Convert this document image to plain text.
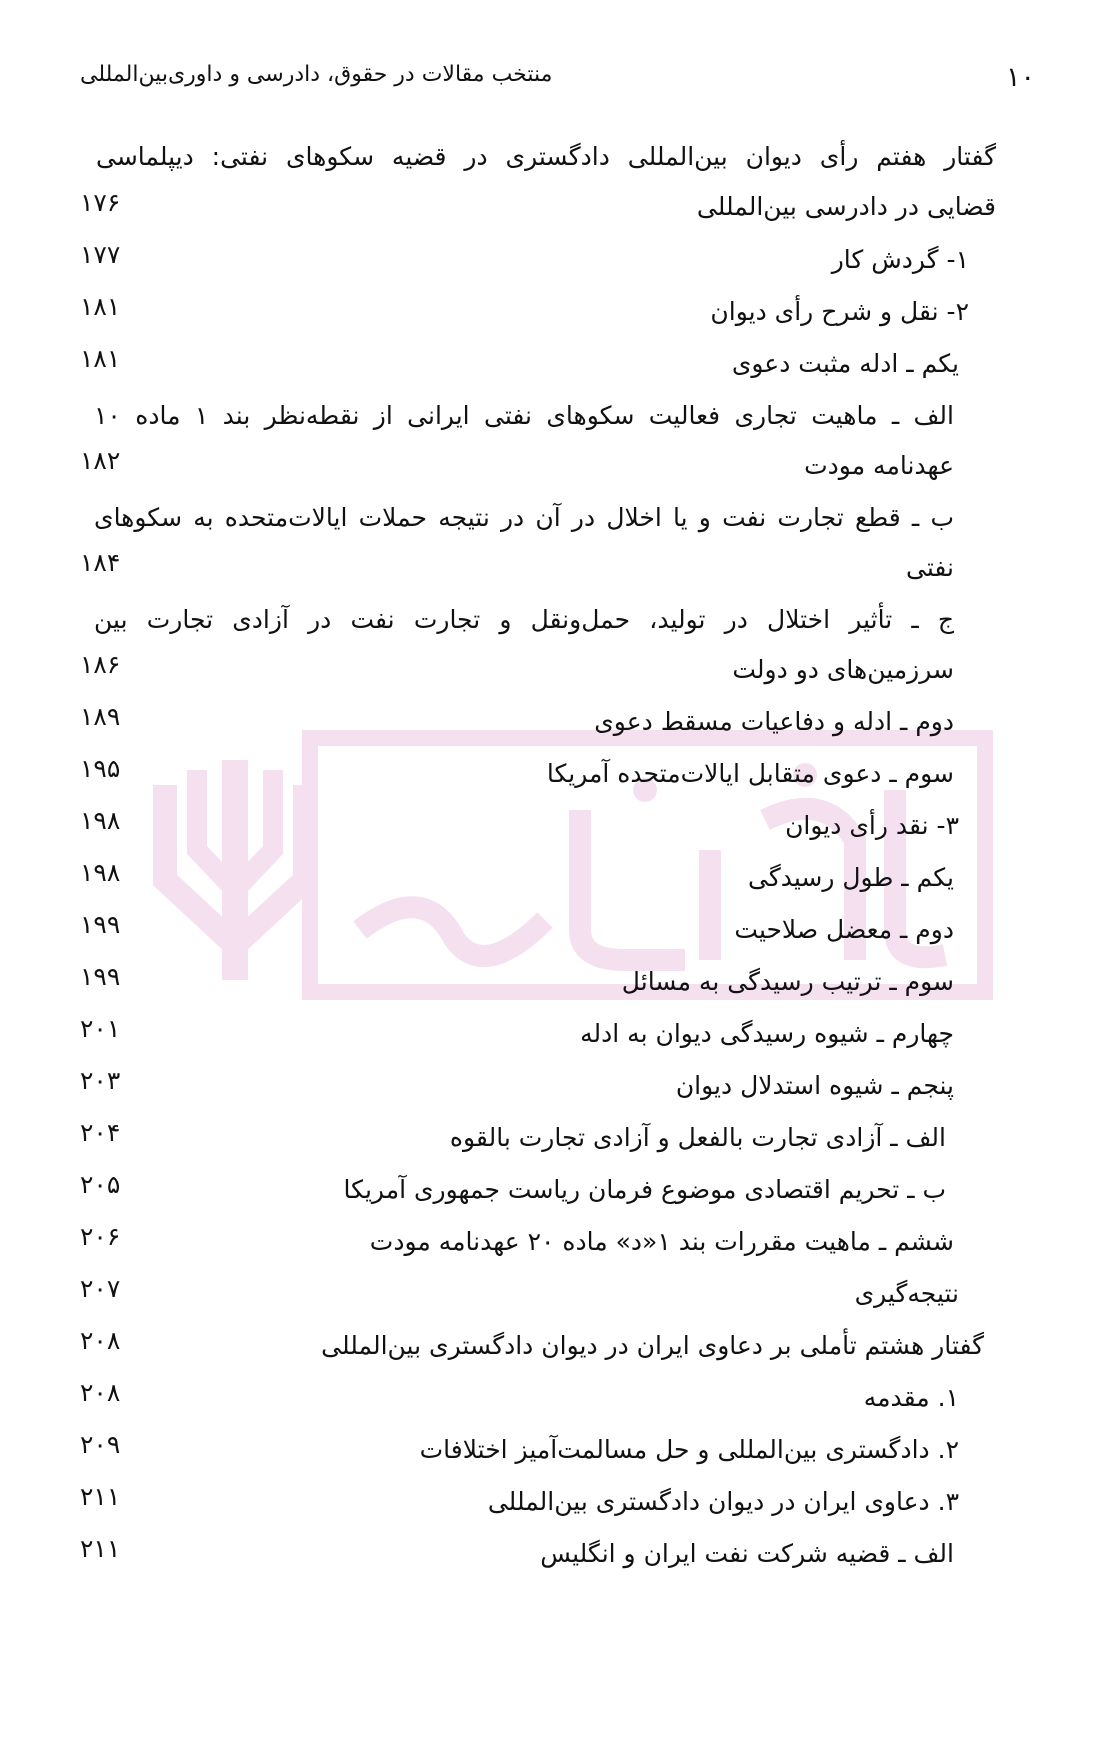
۱۰
منتخب مقالات در حقوق، دادرسی و داوری‌بین‌المللی
گفتار هفتم رأی دیوان بین‌المللی دادگستری در قضیه سکوهای نفتی: دیپلماسی
قضایی در دادرسی بین‌المللی
۱۷۶
۱- گردش کار
۱۷۷
۲- نقل و شرح رأی دیوان
۱۸۱
یکم ـ ادله مثبت دعوی
۱۸۱
الف ـ ماهیت تجاری فعالیت سکوهای نفتی ایرانی از نقطه‌نظر بند ۱ ماده ۱۰
عهدنامه مودت
۱۸۲
ب ـ قطع تجارت نفت و یا اخلال در آن در نتیجه حملات ایالات‌متحده به سکوهای
نفتی
۱۸۴
ج ـ تأثیر اختلال در تولید، حمل‌ونقل و تجارت نفت در آزادی تجارت بین
سرزمین‌های دو دولت
۱۸۶
دوم ـ ادله و دفاعیات مسقط دعوی
۱۸۹
سوم ـ دعوی متقابل ایالات‌متحده آمریکا
۱۹۵
۳- نقد رأی دیوان
۱۹۸
یکم ـ طول رسیدگی
۱۹۸
دوم ـ معضل صلاحیت
۱۹۹
سوم ـ ترتیب رسیدگی به مسائل
۱۹۹
چهارم ـ شیوه رسیدگی دیوان به ادله
۲۰۱
پنجم ـ شیوه استدلال دیوان
۲۰۳
الف ـ آزادی تجارت بالفعل و آزادی تجارت بالقوه
۲۰۴
ب ـ تحریم اقتصادی موضوع فرمان ریاست جمهوری آمریکا
۲۰۵
ششم ـ ماهیت مقررات بند ۱«د» ماده ۲۰ عهدنامه مودت
۲۰۶
نتیجه‌گیری
۲۰۷
گفتار هشتم تأملی بر دعاوی ایران در دیوان دادگستری بین‌المللی
۲۰۸
۱. مقدمه
۲۰۸
۲. دادگستری بین‌المللی و حل مسالمت‌آمیز اختلافات
۲۰۹
۳. دعاوی ایران در دیوان دادگستری بین‌المللی
۲۱۱
الف ـ قضیه شرکت نفت ایران و انگلیس
۲۱۱
